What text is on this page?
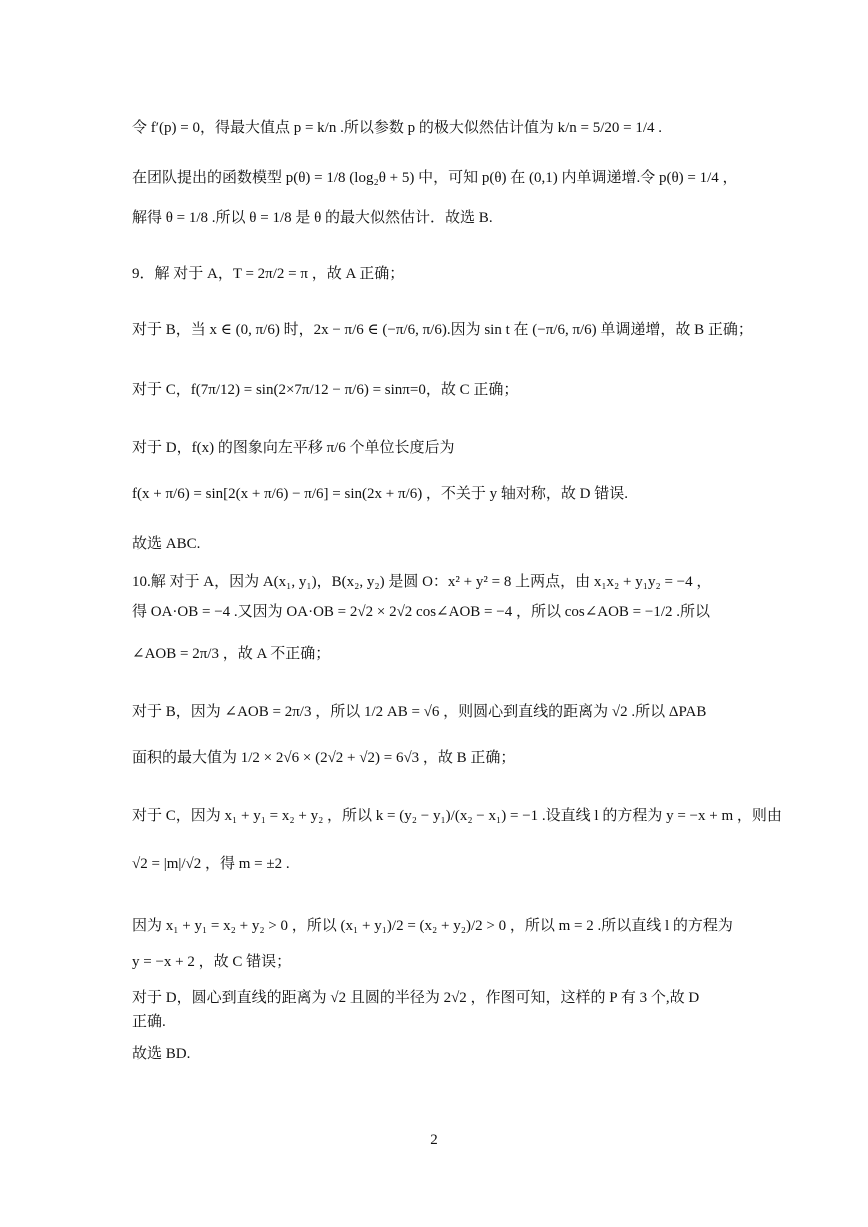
令 f′(p) = 0，得最大值点 p = k/n .所以参数 p 的极大似然估计值为 k/n = 5/20 = 1/4 .
在团队提出的函数模型 p(θ) = 1/8 (log₂θ + 5) 中，可知 p(θ) 在 (0,1) 内单调递增.令 p(θ) = 1/4 ，
解得 θ = 1/8 .所以 θ = 1/8 是 θ 的最大似然估计．故选 B.
9．解 对于 A，T = 2π/2 = π ，故 A 正确；
对于 B，当 x ∈ (0, π/6) 时，2x − π/6 ∈ (−π/6, π/6).因为 sin t 在 (−π/6, π/6) 单调递增，故 B 正确；
对于 C，f(7π/12) = sin(2×7π/12 − π/6) = sinπ=0，故 C 正确；
对于 D，f(x) 的图象向左平移 π/6 个单位长度后为
f(x + π/6) = sin[2(x + π/6) − π/6] = sin(2x + π/6) ，不关于 y 轴对称，故 D 错误.
故选 ABC.
10.解 对于 A，因为 A(x₁, y₁)，B(x₂, y₂) 是圆 O：x² + y² = 8 上两点，由 x₁x₂ + y₁y₂ = −4 ，
得 OA·OB = −4 .又因为 OA·OB = 2√2 × 2√2 cos∠AOB = −4 ，所以 cos∠AOB = −1/2 .所以
∠AOB = 2π/3 ，故 A 不正确；
对于 B，因为 ∠AOB = 2π/3 ，所以 1/2 AB = √6 ，则圆心到直线的距离为 √2 .所以 ΔPAB
面积的最大值为 1/2 × 2√6 × (2√2 + √2) = 6√3 ，故 B 正确；
对于 C，因为 x₁ + y₁ = x₂ + y₂ ，所以 k = (y₂ − y₁)/(x₂ − x₁) = −1 .设直线 l 的方程为 y = −x + m ，则由
√2 = |m|/√2 ，得 m = ±2 .
因为 x₁ + y₁ = x₂ + y₂ > 0 ，所以 (x₁ + y₁)/2 = (x₂ + y₂)/2 > 0 ，所以 m = 2 .所以直线 l 的方程为
y = −x + 2 ，故 C 错误；
对于 D，圆心到直线的距离为 √2 且圆的半径为 2√2 ，作图可知，这样的 P 有 3 个,故 D
正确.
故选 BD.
2
